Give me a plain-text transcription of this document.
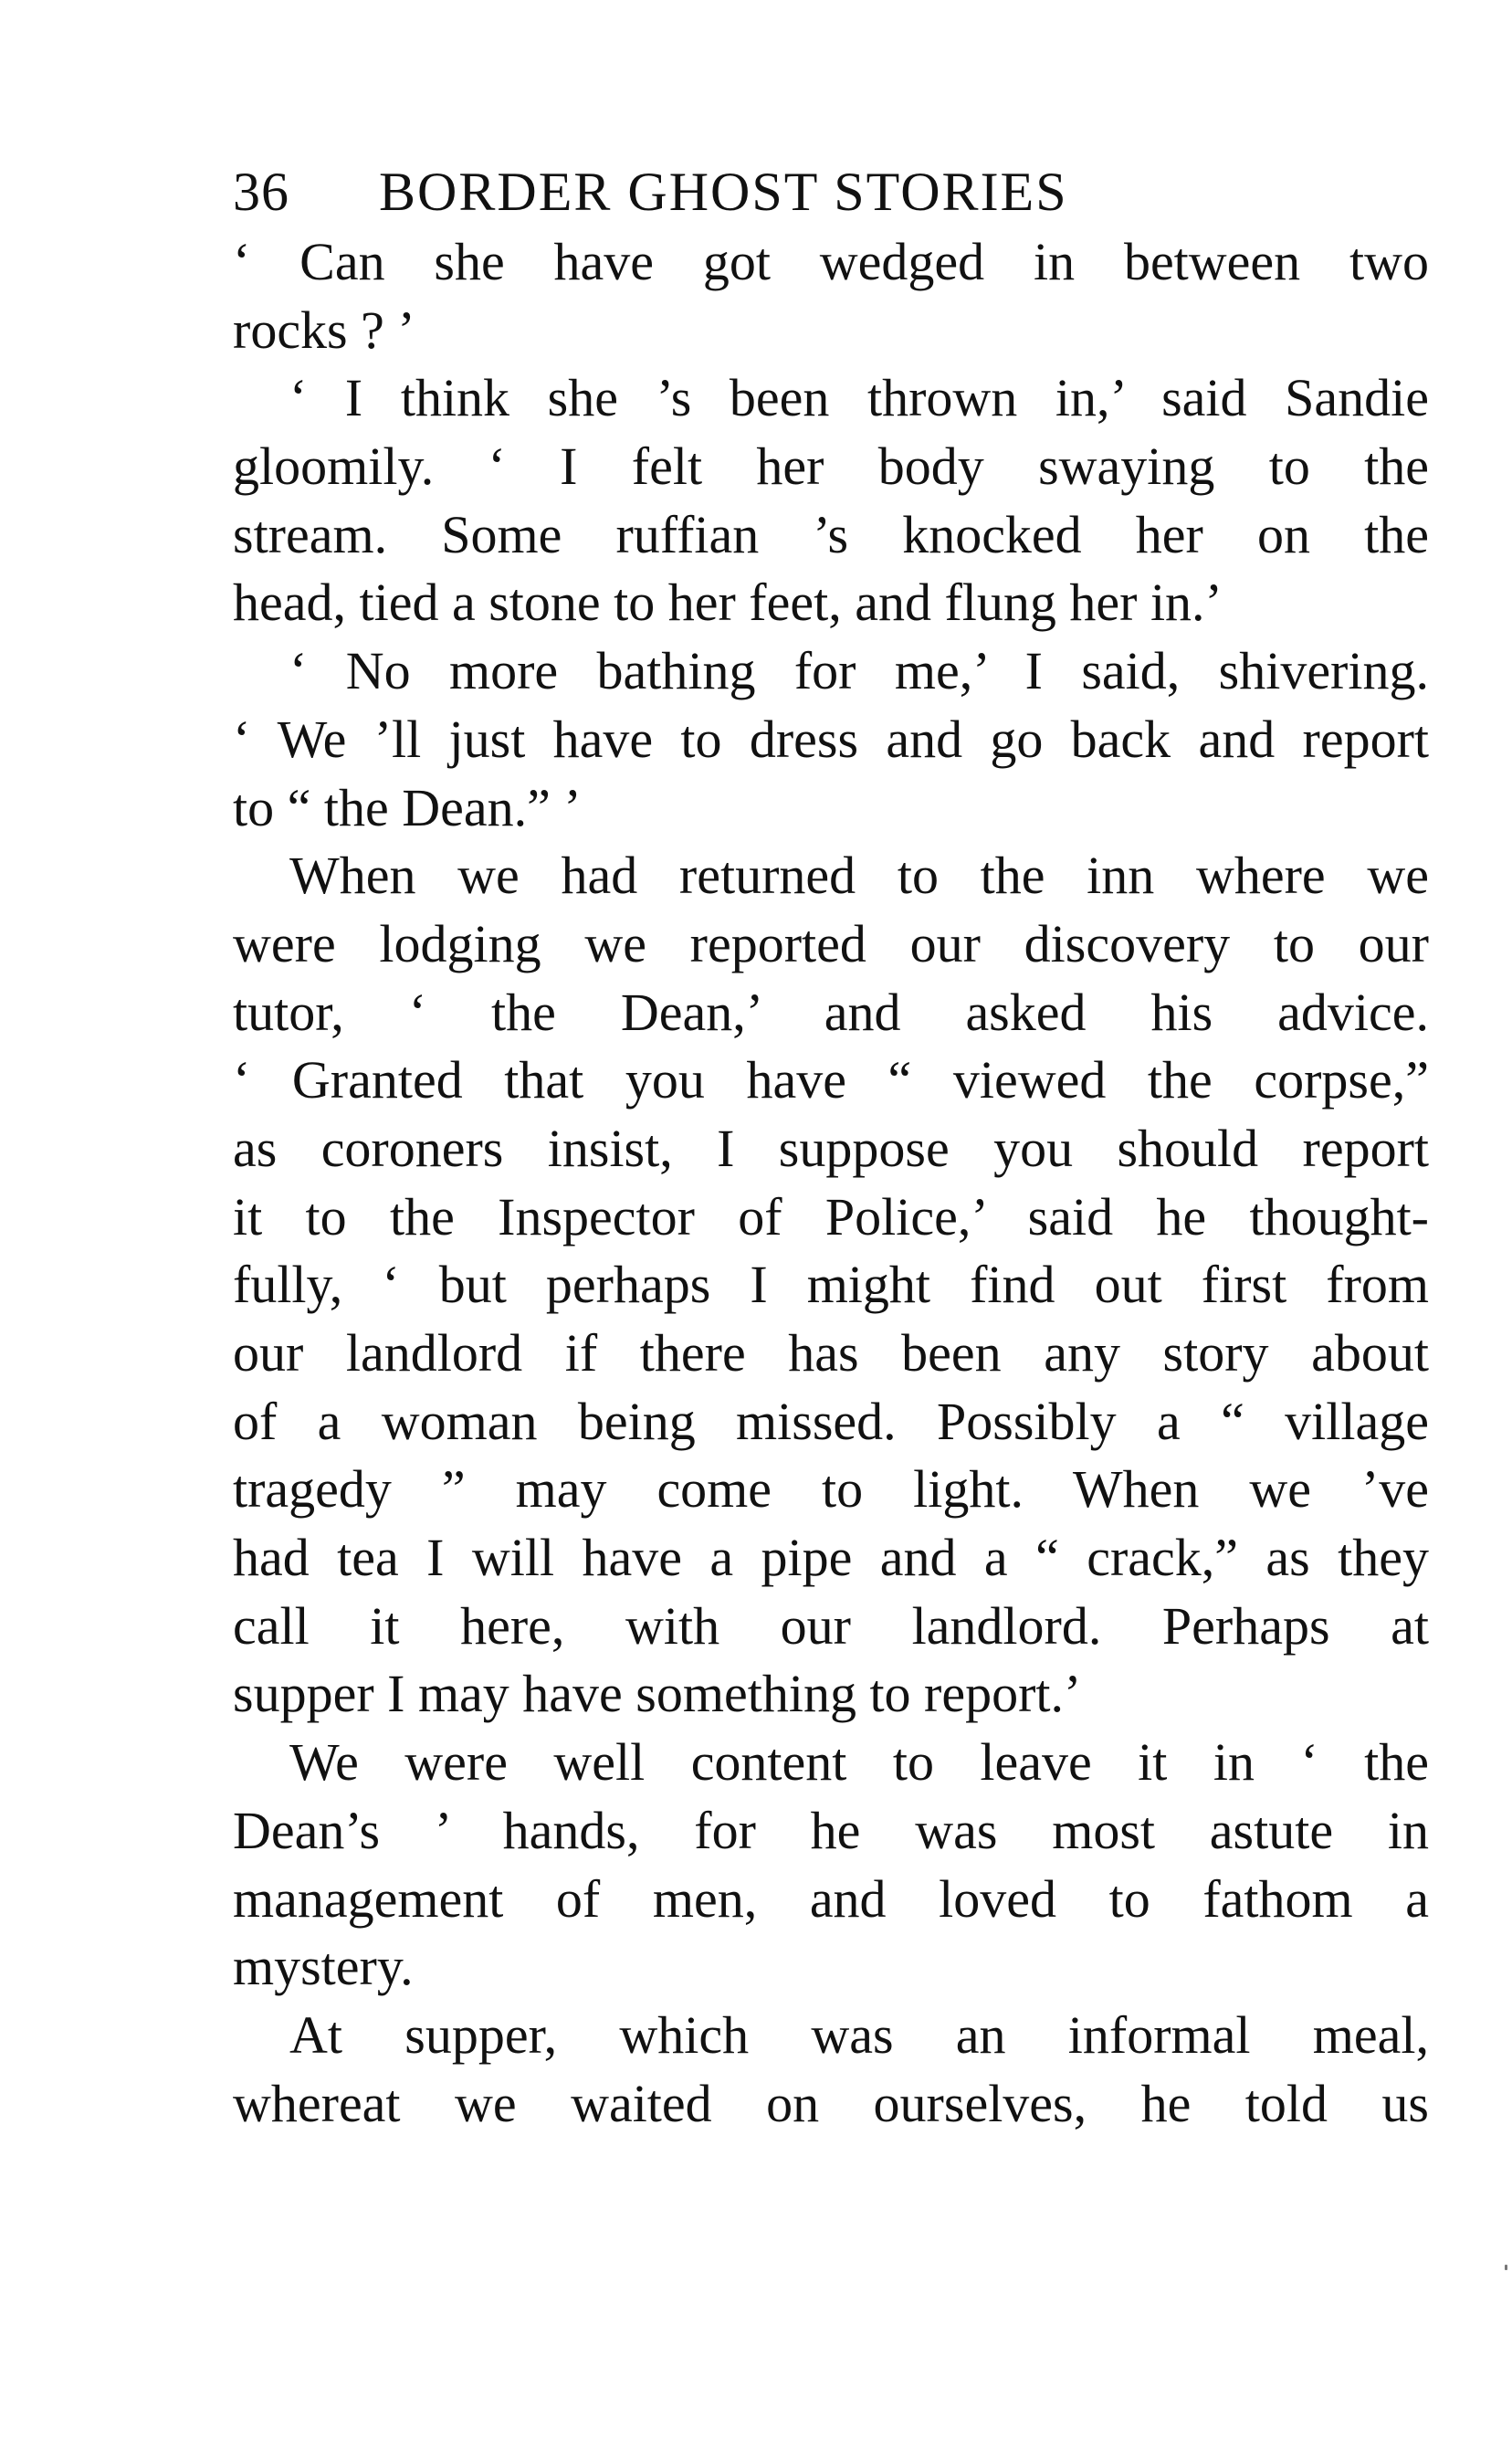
36	BORDER GHOST STORIES
‘ Can she have got wedged in between two
rocks ? ’
‘ I think she ’s been thrown in,’ said Sandie
gloomily. ‘ I felt her body swaying to the
stream. Some ruffian ’s knocked her on the
head, tied a stone to her feet, and flung her in.’
‘ No more bathing for me,’ I said, shivering.
‘ We ’ll just have to dress and go back and report
to “ the Dean.” ’
When we had returned to the inn where we
were lodging we reported our discovery to our
tutor, ‘ the Dean,’ and asked his advice.
‘ Granted that you have “ viewed the corpse,”
as coroners insist, I suppose you should report
it to the Inspector of Police,’ said he thought-
fully, ‘ but perhaps I might find out first from
our landlord if there has been any story about
of a woman being missed. Possibly a “ village
tragedy ” may come to light. When we ’ve
had tea I will have a pipe and a “ crack,” as they
call it here, with our landlord. Perhaps at
supper I may have something to report.’
We were well content to leave it in ‘ the
Dean’s ’ hands, for he was most astute in
management of men, and loved to fathom a
mystery.
At supper, which was an informal meal,
whereat we waited on ourselves, he told us
